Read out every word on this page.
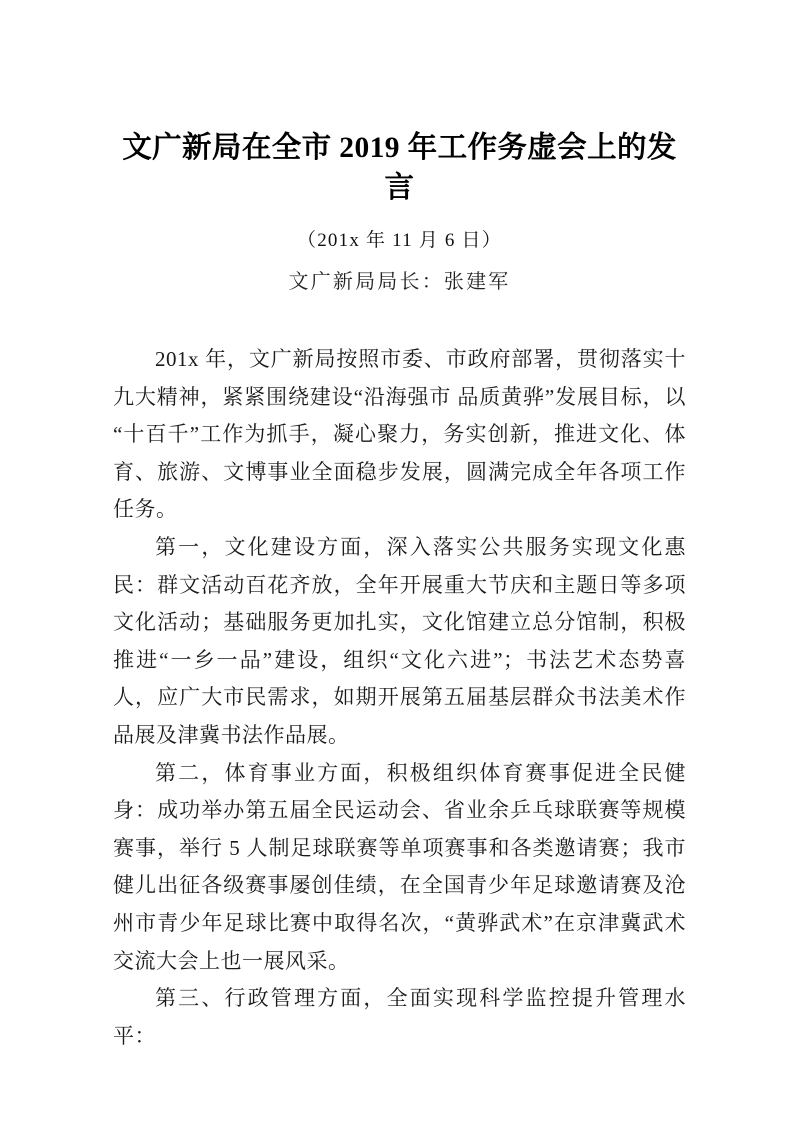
文广新局在全市 2019 年工作务虚会上的发言

（201x 年 11 月 6 日）

文广新局局长：张建军

201x 年，文广新局按照市委、市政府部署，贯彻落实十九大精神，紧紧围绕建设“沿海强市 品质黄骅”发展目标，以“十百千”工作为抓手，凝心聚力，务实创新，推进文化、体育、旅游、文博事业全面稳步发展，圆满完成全年各项工作任务。

第一，文化建设方面，深入落实公共服务实现文化惠民：群文活动百花齐放，全年开展重大节庆和主题日等多项文化活动；基础服务更加扎实，文化馆建立总分馆制，积极推进“一乡一品”建设，组织“文化六进”；书法艺术态势喜人，应广大市民需求，如期开展第五届基层群众书法美术作品展及津冀书法作品展。

第二，体育事业方面，积极组织体育赛事促进全民健身：成功举办第五届全民运动会、省业余乒乓球联赛等规模赛事，举行 5 人制足球联赛等单项赛事和各类邀请赛；我市健儿出征各级赛事屡创佳绩，在全国青少年足球邀请赛及沧州市青少年足球比赛中取得名次，“黄骅武术”在京津冀武术交流大会上也一展风采。

第三、行政管理方面，全面实现科学监控提升管理水平：
